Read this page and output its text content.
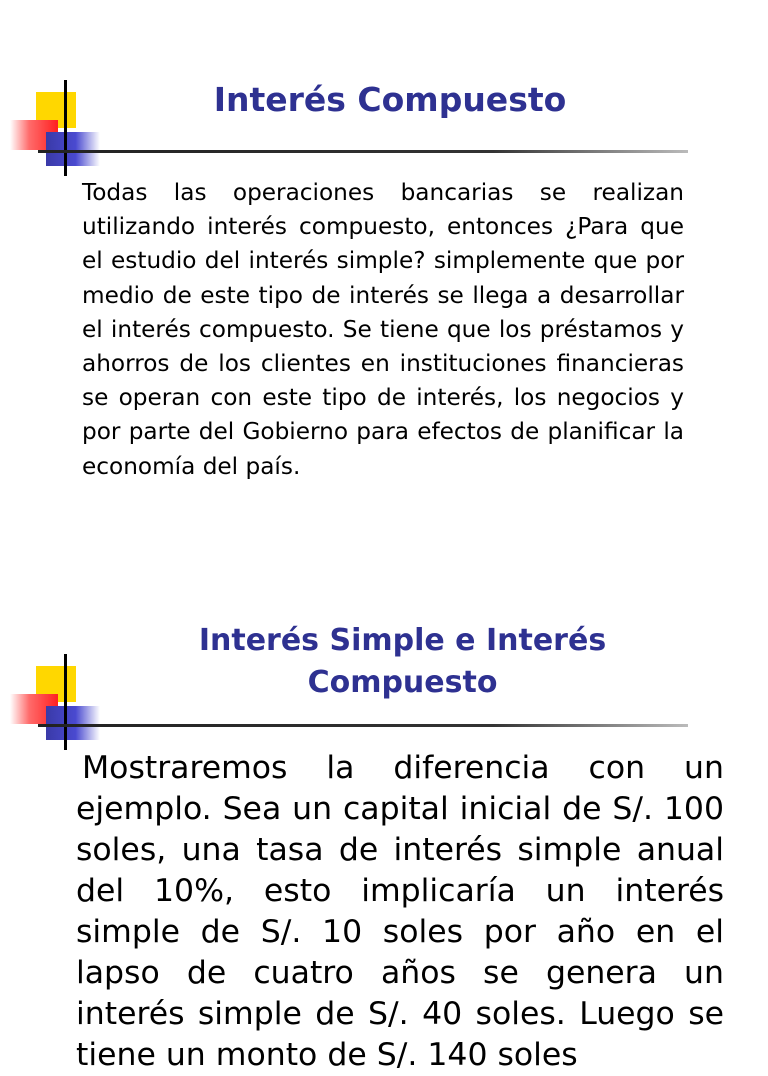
Interés Compuesto

Todas las operaciones bancarias se realizan utilizando interés compuesto, entonces ¿Para que el estudio del interés simple? simplemente que por medio de este tipo de interés se llega a desarrollar el interés compuesto. Se tiene que los préstamos y ahorros de los clientes en instituciones financieras se operan con este tipo de interés, los negocios y por parte del Gobierno para efectos de planificar la economía del país.

Interés Simple e Interés Compuesto

Mostraremos la diferencia con un ejemplo. Sea un capital inicial de S/. 100 soles, una tasa de interés simple anual del 10%, esto implicaría un interés simple de S/. 10 soles por año en el lapso de cuatro años se genera un interés simple de S/. 40 soles. Luego se tiene un monto de S/. 140 soles
